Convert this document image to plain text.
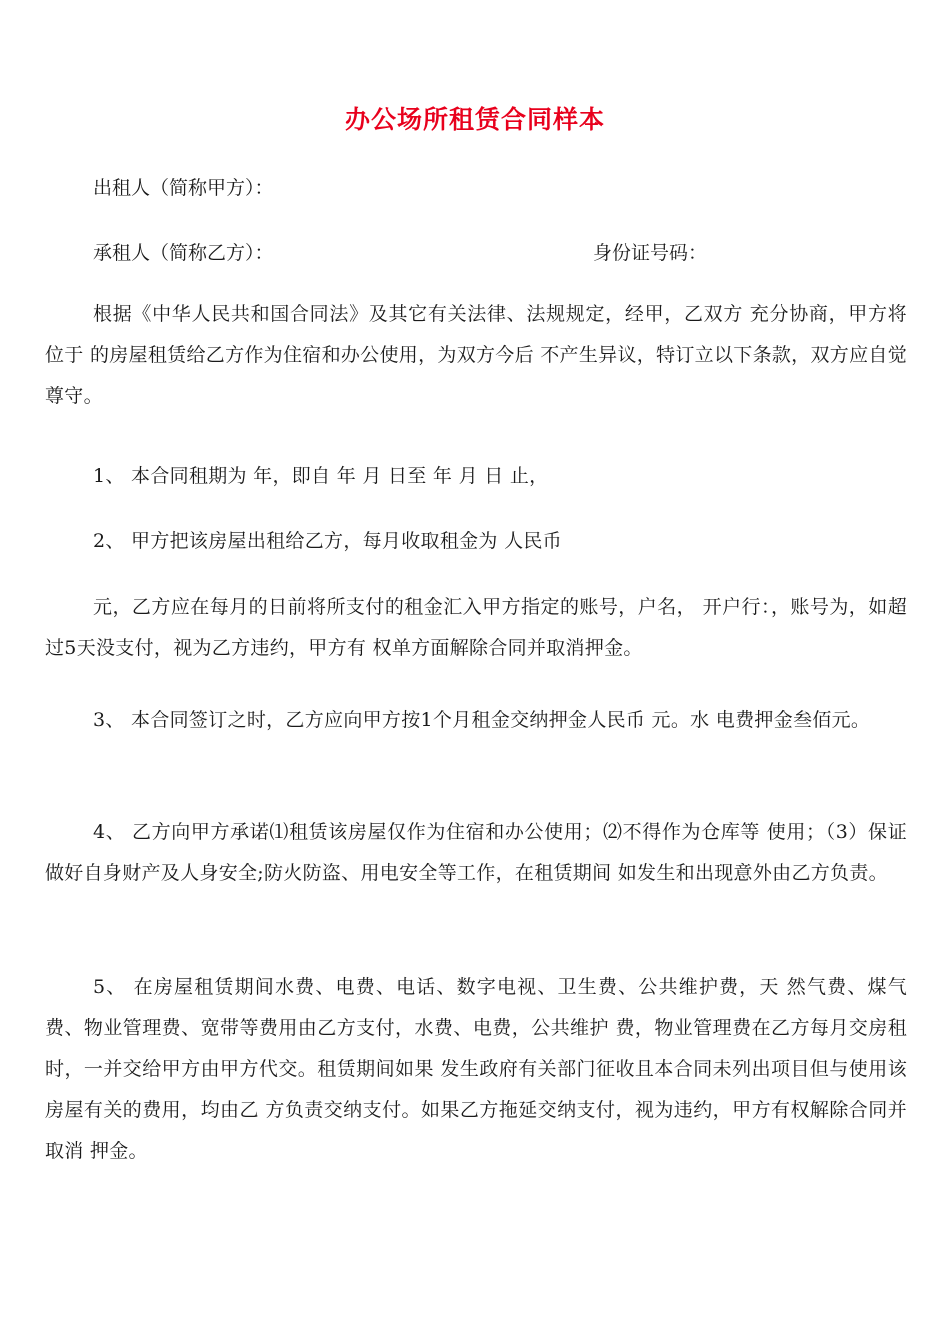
办公场所租赁合同样本
出租人（简称甲方）：
承租人（简称乙方）：	身份证号码：
根据《中华人民共和国合同法》及其它有关法律、法规规定，经甲，乙双方 充分协商，甲方将位于 的房屋租赁给乙方作为住宿和办公使用，为双方今后 不产生异议，特订立以下条款，双方应自觉尊守。
1、 本合同租期为 年，即自 年 月 日至 年 月 日 止，
2、 甲方把该房屋出租给乙方，每月收取租金为 人民币
元，乙方应在每月的日前将所支付的租金汇入甲方指定的账号，户名， 开户行：，账号为，如超过5天没支付，视为乙方违约，甲方有 权单方面解除合同并取消押金。
3、 本合同签订之时，乙方应向甲方按1个月租金交纳押金人民币 元。水 电费押金叁佰元。
4、 乙方向甲方承诺⑴租赁该房屋仅作为住宿和办公使用；⑵不得作为仓库等 使用；（3）保证做好自身财产及人身安全;防火防盗、用电安全等工作，在租赁期间 如发生和出现意外由乙方负责。
5、 在房屋租赁期间水费、电费、电话、数字电视、卫生费、公共维护费，天 然气费、煤气费、物业管理费、宽带等费用由乙方支付，水费、电费，公共维护 费，物业管理费在乙方每月交房租时，一并交给甲方由甲方代交。租赁期间如果 发生政府有关部门征收且本合同未列出项目但与使用该房屋有关的费用，均由乙 方负责交纳支付。如果乙方拖延交纳支付，视为违约，甲方有权解除合同并取消 押金。
